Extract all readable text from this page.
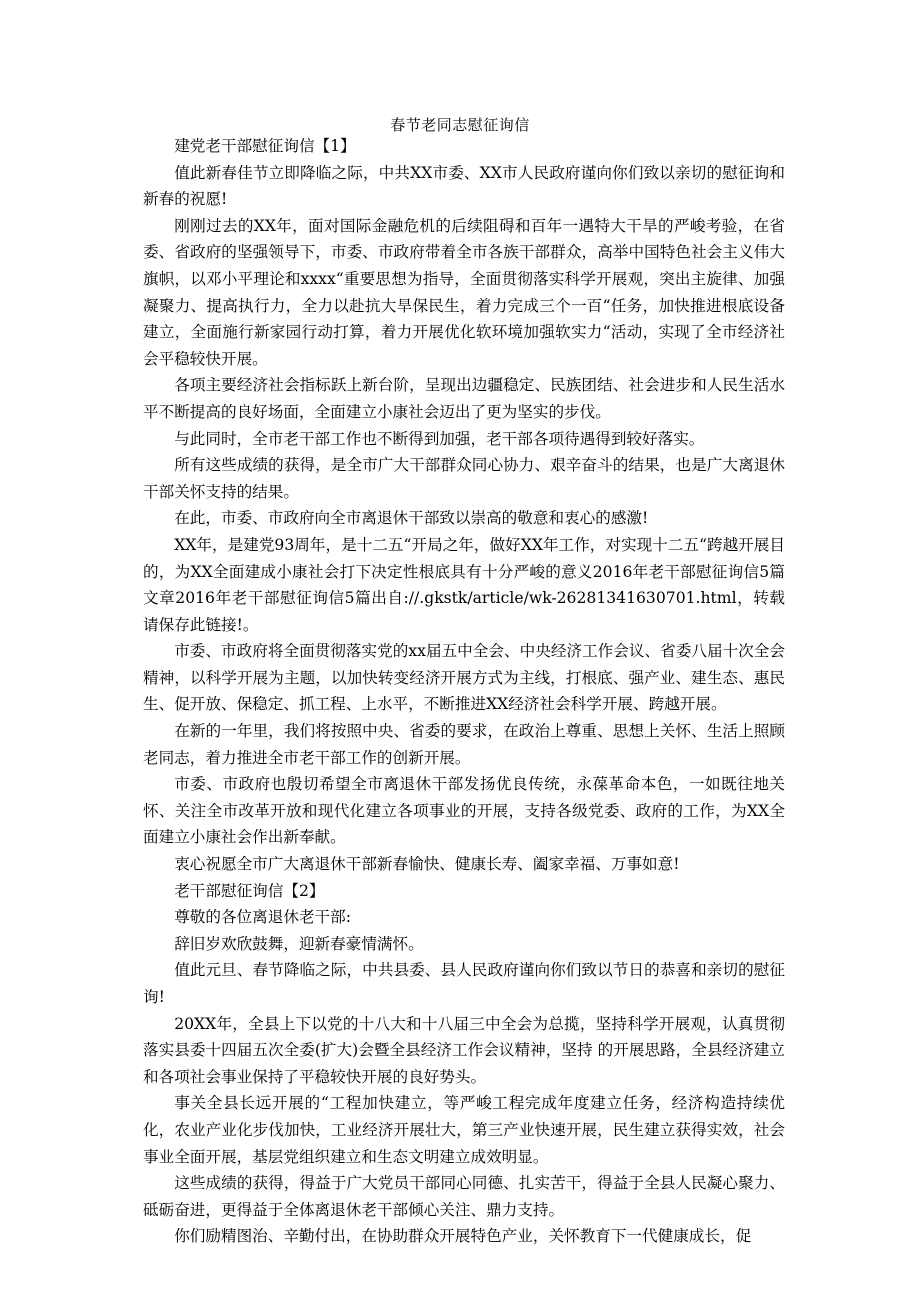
春节老同志慰征询信

建党老干部慰征询信【1】

值此新春佳节立即降临之际，中共XX市委、XX市人民政府谨向你们致以亲切的慰征询和新春的祝愿!

刚刚过去的XX年，面对国际金融危机的后续阻碍和百年一遇特大干旱的严峻考验，在省委、省政府的坚强领导下，市委、市政府带着全市各族干部群众，高举中国特色社会主义伟大旗帜，以邓小平理论和xxxx“重要思想为指导，全面贯彻落实科学开展观，突出主旋律、加强凝聚力、提高执行力，全力以赴抗大旱保民生，着力完成三个一百“任务，加快推进根底设备建立，全面施行新家园行动打算，着力开展优化软环境加强软实力“活动，实现了全市经济社会平稳较快开展。

各项主要经济社会指标跃上新台阶，呈现出边疆稳定、民族团结、社会进步和人民生活水平不断提高的良好场面，全面建立小康社会迈出了更为坚实的步伐。

与此同时，全市老干部工作也不断得到加强，老干部各项待遇得到较好落实。

所有这些成绩的获得，是全市广大干部群众同心协力、艰辛奋斗的结果，也是广大离退休干部关怀支持的结果。

在此，市委、市政府向全市离退休干部致以崇高的敬意和衷心的感激!

XX年，是建党93周年，是十二五“开局之年，做好XX年工作，对实现十二五“跨越开展目的，为XX全面建成小康社会打下决定性根底具有十分严峻的意义2016年老干部慰征询信5篇文章2016年老干部慰征询信5篇出自://.gkstk/article/wk-26281341630701.html，转载请保存此链接!。

市委、市政府将全面贯彻落实党的xx届五中全会、中央经济工作会议、省委八届十次全会精神，以科学开展为主题，以加快转变经济开展方式为主线，打根底、强产业、建生态、惠民生、促开放、保稳定、抓工程、上水平，不断推进XX经济社会科学开展、跨越开展。

在新的一年里，我们将按照中央、省委的要求，在政治上尊重、思想上关怀、生活上照顾老同志，着力推进全市老干部工作的创新开展。

市委、市政府也殷切希望全市离退休干部发扬优良传统，永葆革命本色，一如既往地关怀、关注全市改革开放和现代化建立各项事业的开展，支持各级党委、政府的工作，为XX全面建立小康社会作出新奉献。

衷心祝愿全市广大离退休干部新春愉快、健康长寿、阖家幸福、万事如意!

老干部慰征询信【2】

尊敬的各位离退休老干部:

辞旧岁欢欣鼓舞，迎新春豪情满怀。

值此元旦、春节降临之际，中共县委、县人民政府谨向你们致以节日的恭喜和亲切的慰征询!

20XX年，全县上下以党的十八大和十八届三中全会为总揽，坚持科学开展观，认真贯彻落实县委十四届五次全委(扩大)会暨全县经济工作会议精神，坚持 的开展思路，全县经济建立和各项社会事业保持了平稳较快开展的良好势头。

事关全县长远开展的“工程加快建立，等严峻工程完成年度建立任务，经济构造持续优化，农业产业化步伐加快，工业经济开展壮大，第三产业快速开展，民生建立获得实效，社会事业全面开展，基层党组织建立和生态文明建立成效明显。

这些成绩的获得，得益于广大党员干部同心同德、扎实苦干，得益于全县人民凝心聚力、砥砺奋进，更得益于全体离退休老干部倾心关注、鼎力支持。

你们励精图治、辛勤付出，在协助群众开展特色产业，关怀教育下一代健康成长，促
